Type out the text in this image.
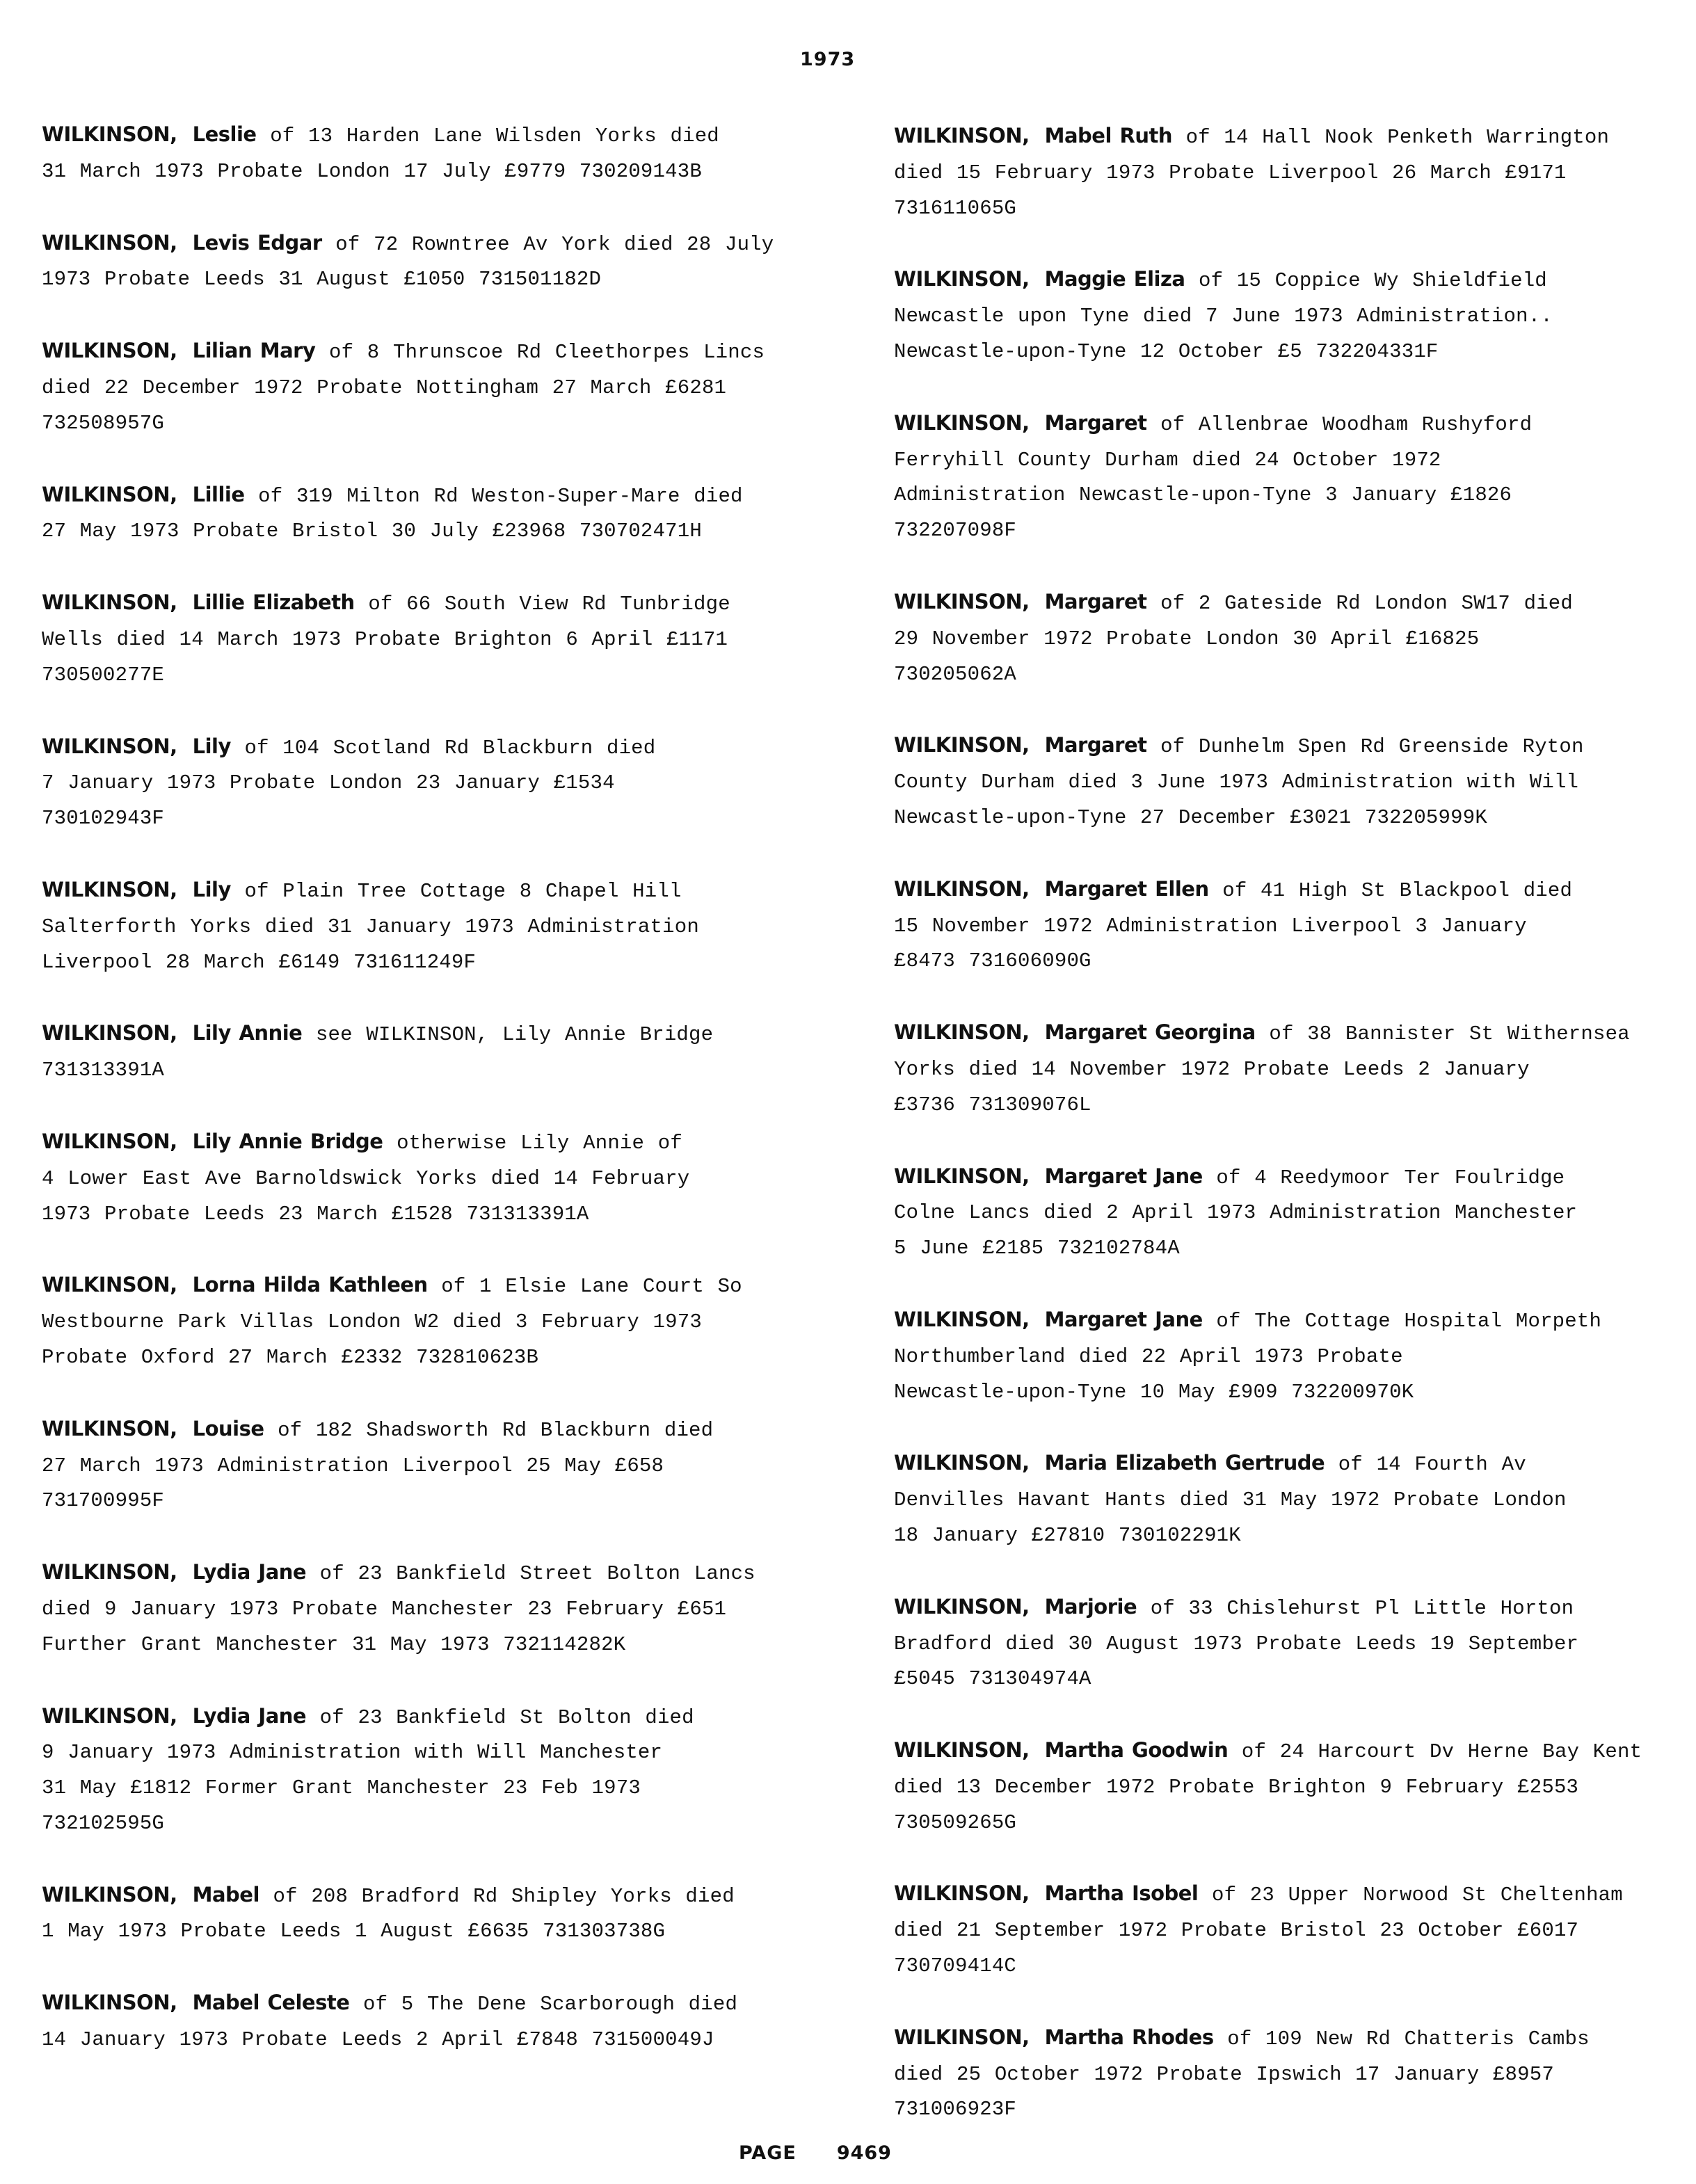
1973
WILKINSON, Leslie of 13 Harden Lane Wilsden Yorks died
31 March 1973 Probate London 17 July £9779 730209143B
WILKINSON, Levis Edgar of 72 Rowntree Av York died 28 July
1973 Probate Leeds 31 August £1050 731501182D
WILKINSON, Lilian Mary of 8 Thrunscoe Rd Cleethorpes Lincs
died 22 December 1972 Probate Nottingham 27 March £6281
732508957G
WILKINSON, Lillie of 319 Milton Rd Weston-Super-Mare died
27 May 1973 Probate Bristol 30 July £23968 730702471H
WILKINSON, Lillie Elizabeth of 66 South View Rd Tunbridge
Wells died 14 March 1973 Probate Brighton 6 April £1171
730500277E
WILKINSON, Lily of 104 Scotland Rd Blackburn died
7 January 1973 Probate London 23 January £1534
730102943F
WILKINSON, Lily of Plain Tree Cottage 8 Chapel Hill
Salterforth Yorks died 31 January 1973 Administration
Liverpool 28 March £6149 731611249F
WILKINSON, Lily Annie see WILKINSON, Lily Annie Bridge
731313391A
WILKINSON, Lily Annie Bridge otherwise Lily Annie of
4 Lower East Ave Barnoldswick Yorks died 14 February
1973 Probate Leeds 23 March £1528 731313391A
WILKINSON, Lorna Hilda Kathleen of 1 Elsie Lane Court So
Westbourne Park Villas London W2 died 3 February 1973
Probate Oxford 27 March £2332 732810623B
WILKINSON, Louise of 182 Shadsworth Rd Blackburn died
27 March 1973 Administration Liverpool 25 May £658
731700995F
WILKINSON, Lydia Jane of 23 Bankfield Street Bolton Lancs
died 9 January 1973 Probate Manchester 23 February £651
Further Grant Manchester 31 May 1973 732114282K
WILKINSON, Lydia Jane of 23 Bankfield St Bolton died
9 January 1973 Administration with Will Manchester
31 May £1812 Former Grant Manchester 23 Feb 1973
732102595G
WILKINSON, Mabel of 208 Bradford Rd Shipley Yorks died
1 May 1973 Probate Leeds 1 August £6635 731303738G
WILKINSON, Mabel Celeste of 5 The Dene Scarborough died
14 January 1973 Probate Leeds 2 April £7848 731500049J
WILKINSON, Mabel Ruth of 14 Hall Nook Penketh Warrington
died 15 February 1973 Probate Liverpool 26 March £9171
731611065G
WILKINSON, Maggie Eliza of 15 Coppice Wy Shieldfield
Newcastle upon Tyne died 7 June 1973 Administration..
Newcastle-upon-Tyne 12 October £5 732204331F
WILKINSON, Margaret of Allenbrae Woodham Rushyford
Ferryhill County Durham died 24 October 1972
Administration Newcastle-upon-Tyne 3 January £1826
732207098F
WILKINSON, Margaret of 2 Gateside Rd London SW17 died
29 November 1972 Probate London 30 April £16825
730205062A
WILKINSON, Margaret of Dunhelm Spen Rd Greenside Ryton
County Durham died 3 June 1973 Administration with Will
Newcastle-upon-Tyne 27 December £3021 732205999K
WILKINSON, Margaret Ellen of 41 High St Blackpool died
15 November 1972 Administration Liverpool 3 January
£8473 731606090G
WILKINSON, Margaret Georgina of 38 Bannister St Withernsea
Yorks died 14 November 1972 Probate Leeds 2 January
£3736 731309076L
WILKINSON, Margaret Jane of 4 Reedymoor Ter Foulridge
Colne Lancs died 2 April 1973 Administration Manchester
5 June £2185 732102784A
WILKINSON, Margaret Jane of The Cottage Hospital Morpeth
Northumberland died 22 April 1973 Probate
Newcastle-upon-Tyne 10 May £909 732200970K
WILKINSON, Maria Elizabeth Gertrude of 14 Fourth Av
Denvilles Havant Hants died 31 May 1972 Probate London
18 January £27810 730102291K
WILKINSON, Marjorie of 33 Chislehurst Pl Little Horton
Bradford died 30 August 1973 Probate Leeds 19 September
£5045 731304974A
WILKINSON, Martha Goodwin of 24 Harcourt Dv Herne Bay Kent
died 13 December 1972 Probate Brighton 9 February £2553
730509265G
WILKINSON, Martha Isobel of 23 Upper Norwood St Cheltenham
died 21 September 1972 Probate Bristol 23 October £6017
730709414C
WILKINSON, Martha Rhodes of 109 New Rd Chatteris Cambs
died 25 October 1972 Probate Ipswich 17 January £8957
731006923F
PAGE 9469
